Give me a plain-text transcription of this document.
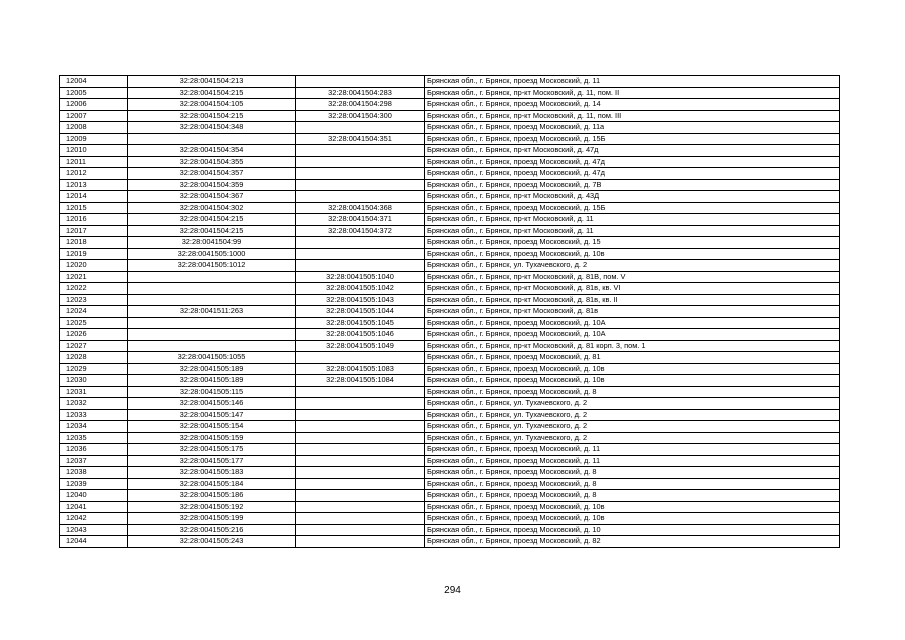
12004	32:28:0041504:213		Брянская обл., г. Брянск, проезд Московский, д. 11
12005	32:28:0041504:215	32:28:0041504:283	Брянская обл., г. Брянск, пр-кт Московский, д. 11, пом. II
12006	32:28:0041504:105	32:28:0041504:298	Брянская обл., г. Брянск, проезд Московский, д. 14
12007	32:28:0041504:215	32:28:0041504:300	Брянская обл., г. Брянск, пр-кт Московский, д. 11, пом. III
12008	32:28:0041504:348		Брянская обл., г. Брянск, проезд Московский, д. 11а
12009		32:28:0041504:351	Брянская обл., г. Брянск, проезд Московский, д. 15Б
12010	32:28:0041504:354		Брянская обл., г. Брянск, пр-кт Московский, д. 47д
12011	32:28:0041504:355		Брянская обл., г. Брянск, проезд Московский, д. 47д
12012	32:28:0041504:357		Брянская обл., г. Брянск, проезд Московский, д. 47д
12013	32:28:0041504:359		Брянская обл., г. Брянск, проезд Московский, д. 7В
12014	32:28:0041504:367		Брянская обл., г. Брянск, пр-кт Московский, д. 43Д
12015	32:28:0041504:302	32:28:0041504:368	Брянская обл., г. Брянск, проезд Московский, д. 15Б
12016	32:28:0041504:215	32:28:0041504:371	Брянская обл., г. Брянск, пр-кт Московский, д. 11
12017	32:28:0041504:215	32:28:0041504:372	Брянская обл., г. Брянск, пр-кт Московский, д. 11
12018	32:28:0041504:99		Брянская обл., г. Брянск, проезд Московский, д. 15
12019	32:28:0041505:1000		Брянская обл., г. Брянск, проезд Московский, д. 10в
12020	32:28:0041505:1012		Брянская обл., г. Брянск, ул. Тухачевского, д. 2
12021		32:28:0041505:1040	Брянская обл., г. Брянск, пр-кт Московский, д. 81В, пом. V
12022		32:28:0041505:1042	Брянская обл., г. Брянск, пр-кт Московский, д. 81в, кв. VI
12023		32:28:0041505:1043	Брянская обл., г. Брянск, пр-кт Московский, д. 81в, кв. II
12024	32:28:0041511:263	32:28:0041505:1044	Брянская обл., г. Брянск, пр-кт Московский, д. 81в
12025		32:28:0041505:1045	Брянская обл., г. Брянск, проезд Московский, д. 10А
12026		32:28:0041505:1046	Брянская обл., г. Брянск, проезд Московский, д. 10А
12027		32:28:0041505:1049	Брянская обл., г. Брянск, пр-кт Московский, д. 81 корп. 3, пом. 1
12028	32:28:0041505:1055		Брянская обл., г. Брянск, проезд Московский, д. 81
12029	32:28:0041505:189	32:28:0041505:1083	Брянская обл., г. Брянск, проезд Московский, д. 10в
12030	32:28:0041505:189	32:28:0041505:1084	Брянская обл., г. Брянск, проезд Московский, д. 10в
12031	32:28:0041505:115		Брянская обл., г. Брянск, проезд Московский, д. 8
12032	32:28:0041505:146		Брянская обл., г. Брянск, ул. Тухачевского, д. 2
12033	32:28:0041505:147		Брянская обл., г. Брянск, ул. Тухачевского, д. 2
12034	32:28:0041505:154		Брянская обл., г. Брянск, ул. Тухачевского, д. 2
12035	32:28:0041505:159		Брянская обл., г. Брянск, ул. Тухачевского, д. 2
12036	32:28:0041505:175		Брянская обл., г. Брянск, проезд Московский, д. 11
12037	32:28:0041505:177		Брянская обл., г. Брянск, проезд Московский, д. 11
12038	32:28:0041505:183		Брянская обл., г. Брянск, проезд Московский, д. 8
12039	32:28:0041505:184		Брянская обл., г. Брянск, проезд Московский, д. 8
12040	32:28:0041505:186		Брянская обл., г. Брянск, проезд Московский, д. 8
12041	32:28:0041505:192		Брянская обл., г. Брянск, проезд Московский, д. 10в
12042	32:28:0041505:199		Брянская обл., г. Брянск, проезд Московский, д. 10в
12043	32:28:0041505:216		Брянская обл., г. Брянск, проезд Московский, д. 10
12044	32:28:0041505:243		Брянская обл., г. Брянск, проезд Московский, д. 82
294
